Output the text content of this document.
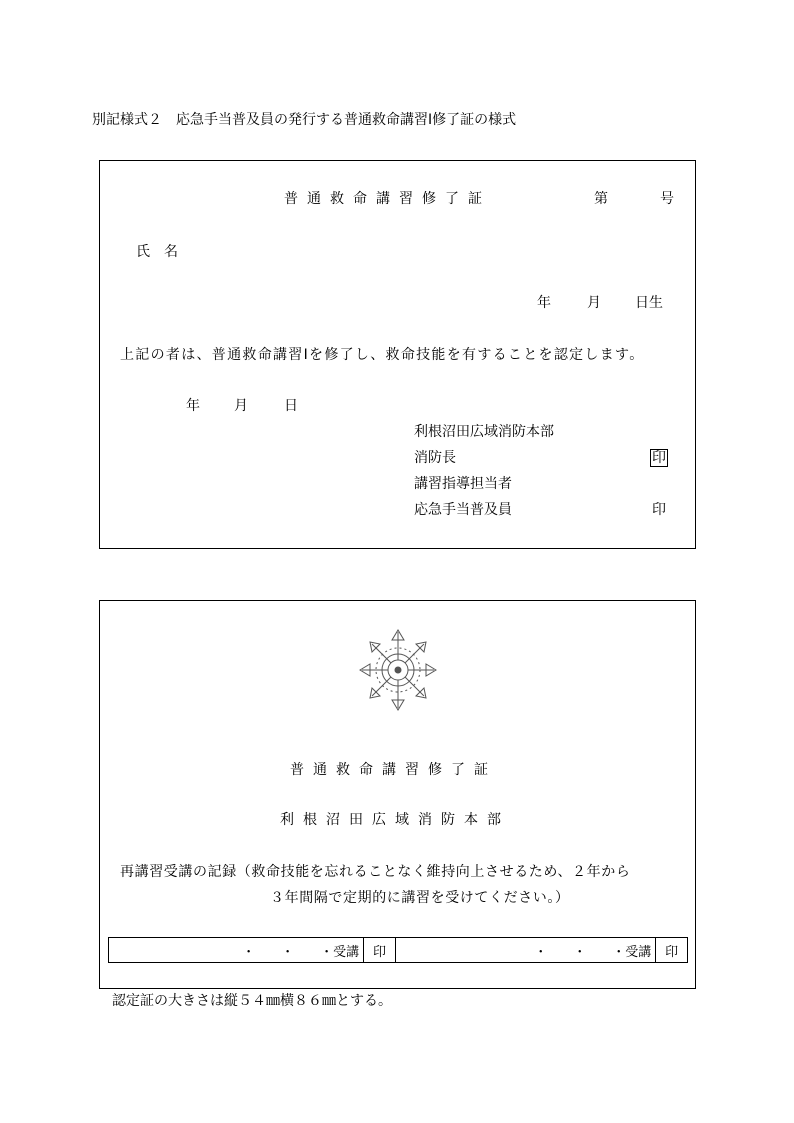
別記様式２　応急手当普及員の発行する普通救命講習Ⅰ修了証の様式
普通救命講習修了証	第	号
氏　名
年	月 日生
上記の者は、普通救命講習Ⅰを修了し、救命技能を有することを認定します。
年 月	日
利根沼田広域消防本部
消防長	印
講習指導担当者
応急手当普及員	印
普通救命講習修了証
利根沼田広域消防本部
再講習受講の記録（救命技能を忘れることなく維持向上させるため、２年から
３年間隔で定期的に講習を受けてください。）
・　　・　　・受講	印	・　　・　　・受講	印
認定証の大きさは縦５４㎜横８６㎜とする。
